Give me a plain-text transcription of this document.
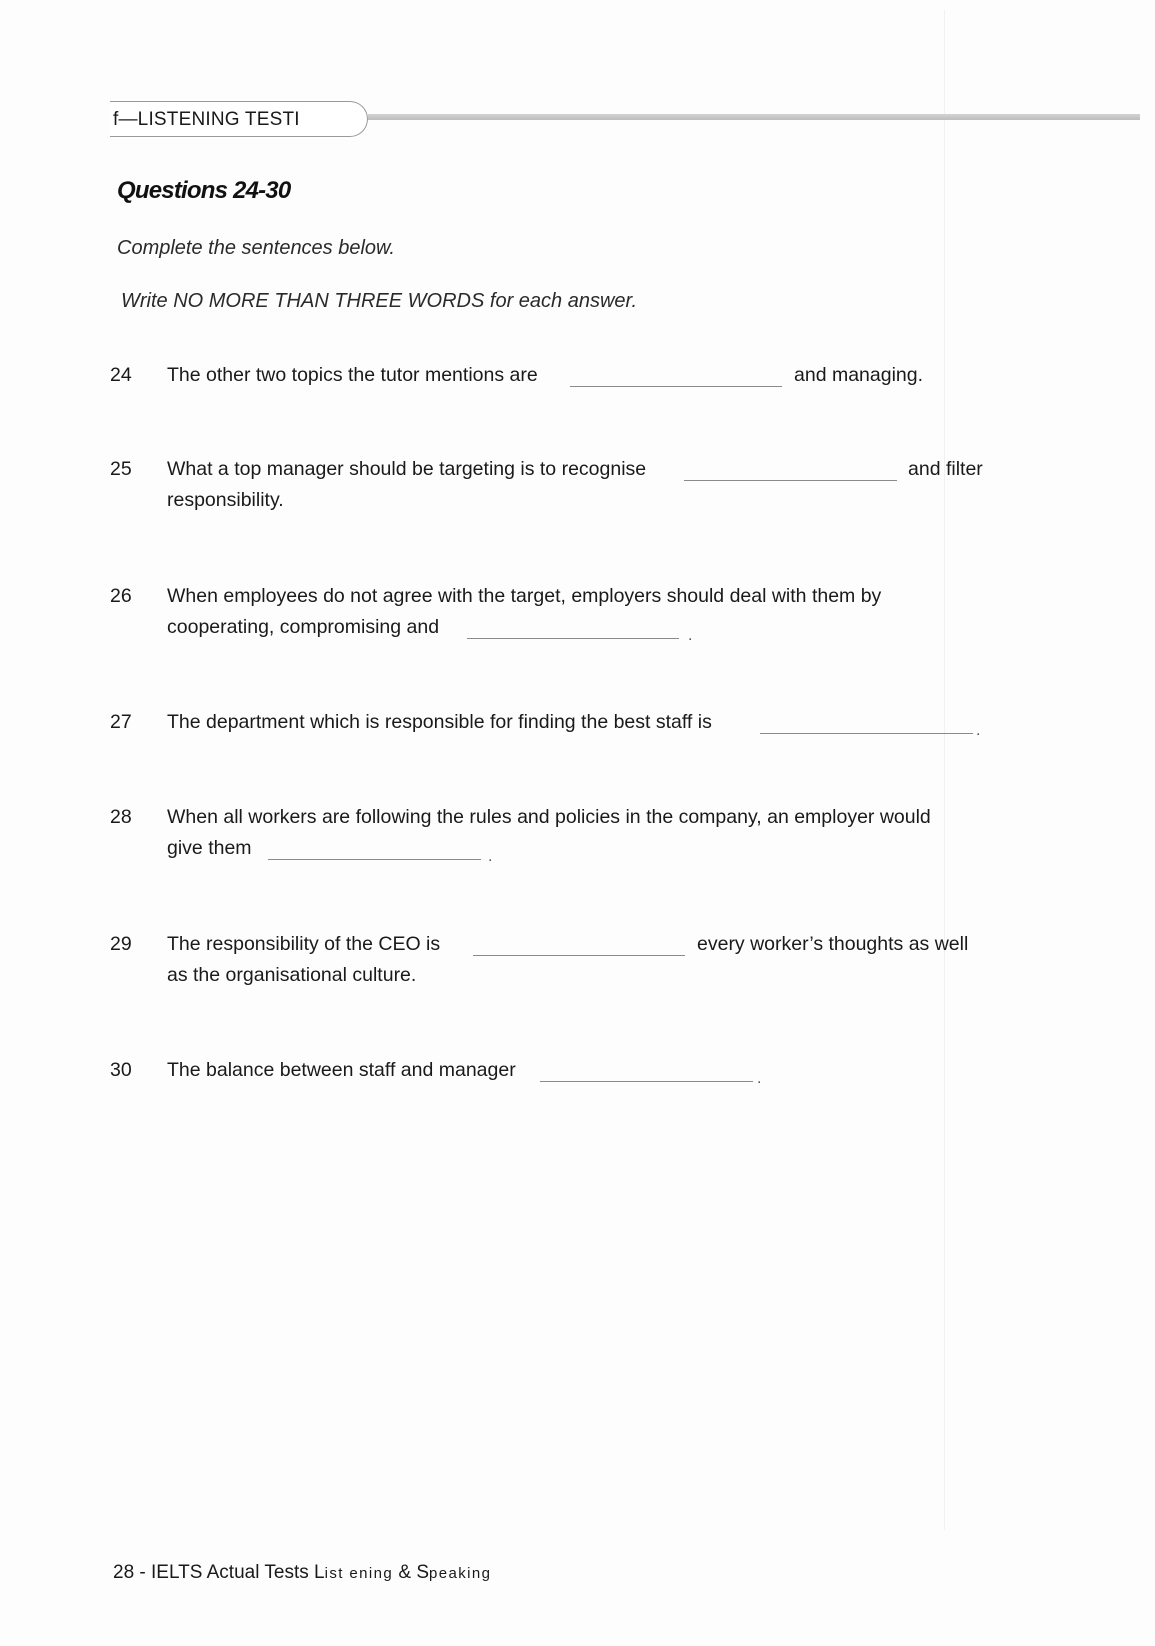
f—LISTENING TESTI
Questions 24-30
Complete the sentences below.
Write NO MORE THAN THREE WORDS for each answer.
24 The other two topics the tutor mentions are	and managing.
25 What a top manager should be targeting is to recognise	and filter
responsibility.
26 When employees do not agree with the target, employers should deal with them by
cooperating, compromising and	.
27 The department which is responsible for finding the best staff is	.
28 When all workers are following the rules and policies in the company, an employer would
give them	.
29 The responsibility of the CEO is	every worker’s thoughts as well
as the organisational culture.
30 The balance between staff and manager	.
28 - IELTS Actual Tests List ening & Speaking
